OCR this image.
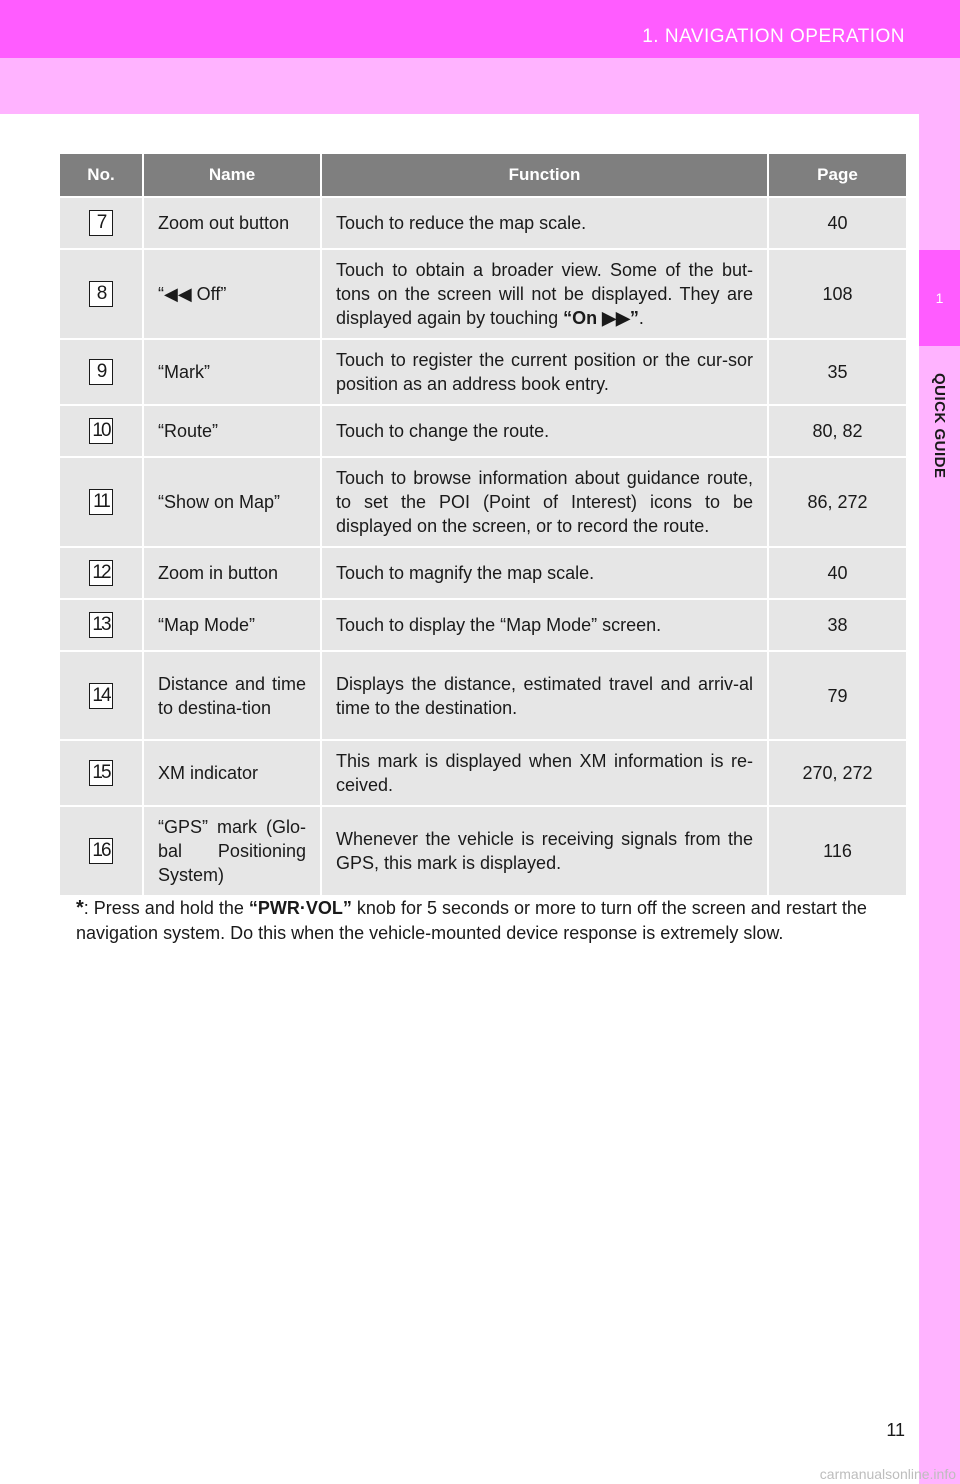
1. NAVIGATION OPERATION
1
QUICK GUIDE
No.	Name	Function	Page
7	Zoom out button	Touch to reduce the map scale.	40
8	“◀◀ Off”	Touch to obtain a broader view. Some of the but-tons on the screen will not be displayed. They are displayed again by touching “On ▶▶”.	108
9	“Mark”	Touch to register the current position or the cur-sor position as an address book entry.	35
10	“Route”	Touch to change the route.	80, 82
11	“Show on Map”	Touch to browse information about guidance route, to set the POI (Point of Interest) icons to be displayed on the screen, or to record the route.	86, 272
12	Zoom in button	Touch to magnify the map scale.	40
13	“Map Mode”	Touch to display the “Map Mode” screen.	38
14	Distance and time to destina-tion	Displays the distance, estimated travel and arriv-al time to the destination.	79
15	XM indicator	This mark is displayed when XM information is re-ceived.	270, 272
16	“GPS” mark (Glo-bal Positioning System)	Whenever the vehicle is receiving signals from the GPS, this mark is displayed.	116
*: Press and hold the “PWR·VOL” knob for 5 seconds or more to turn off the screen and restart the navigation system. Do this when the vehicle-mounted device response is extremely slow.
11
carmanualsonline.info
